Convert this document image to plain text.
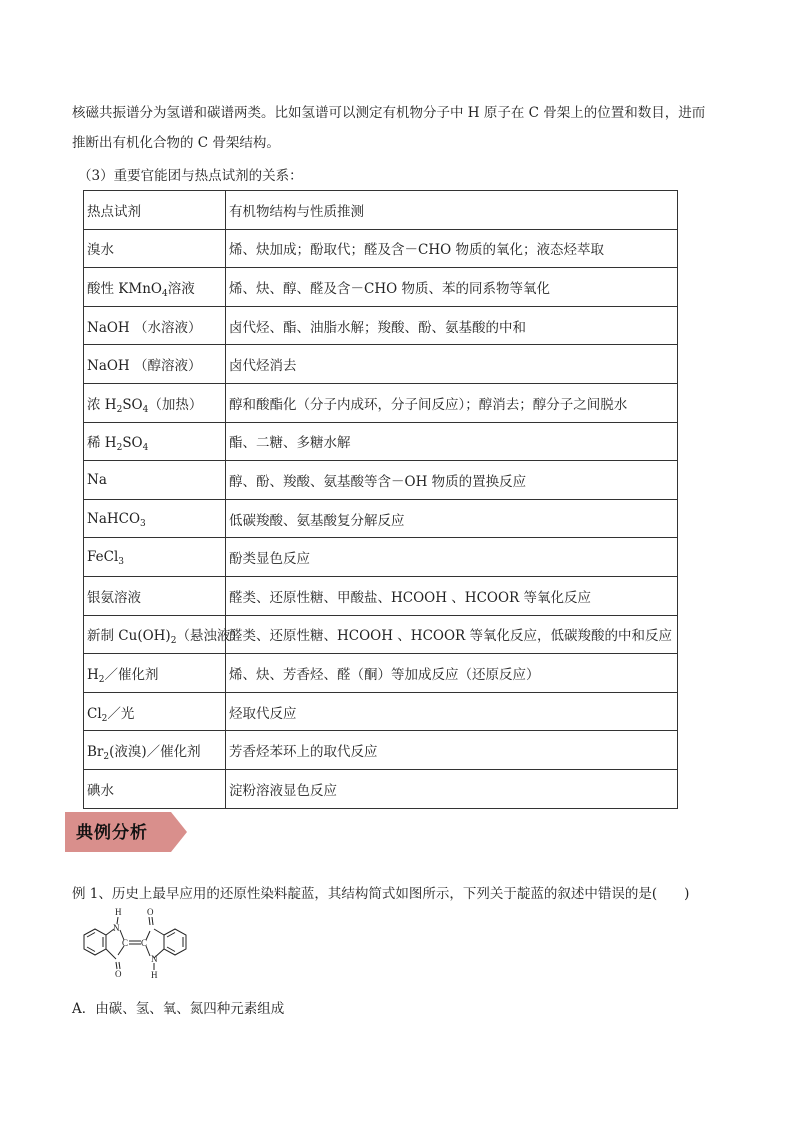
核磁共振谱分为氢谱和碳谱两类。比如氢谱可以测定有机物分子中 H 原子在 C 骨架上的位置和数目，进而
推断出有机化合物的 C 骨架结构。
（3）重要官能团与热点试剂的关系：
热点试剂	有机物结构与性质推测
溴水	烯、炔加成；酚取代；醛及含－CHO 物质的氧化；液态烃萃取
酸性 KMnO$_4$溶液	烯、炔、醇、醛及含－CHO 物质、苯的同系物等氧化
NaOH （水溶液）	卤代烃、酯、油脂水解；羧酸、酚、氨基酸的中和
NaOH （醇溶液）	卤代烃消去
浓 $H_2SO_4$（加热）	醇和酸酯化（分子内成环，分子间反应）；醇消去；醇分子之间脱水
稀 $H_2SO_4$	酯、二糖、多糖水解
Na	醇、酚、羧酸、氨基酸等含－OH 物质的置换反应
NaHCO$_3$	低碳羧酸、氨基酸复分解反应
FeCl$_3$	酚类显色反应
银氨溶液	醛类、还原性糖、甲酸盐、HCOOH 、HCOOR 等氧化反应
新制 $Cu(OH)_2$（悬浊液）	醛类、还原性糖、HCOOH 、HCOOR 等氧化反应，低碳羧酸的中和反应
$H_2/$催化剂	烯、炔、芳香烃、醛（酮）等加成反应（还原反应）
$Cl_2/$光	烃取代反应
$Br_2$(液溴)／催化剂	芳香烃苯环上的取代反应
碘水	淀粉溶液显色反应
典例分析
例 1、历史上最早应用的还原性染料靛蓝，其结构简式如图所示，下列关于靛蓝的叙述中错误的是(　　)
N
H	O
C C
N
H
O
A．由碳、氢、氧、氮四种元素组成
